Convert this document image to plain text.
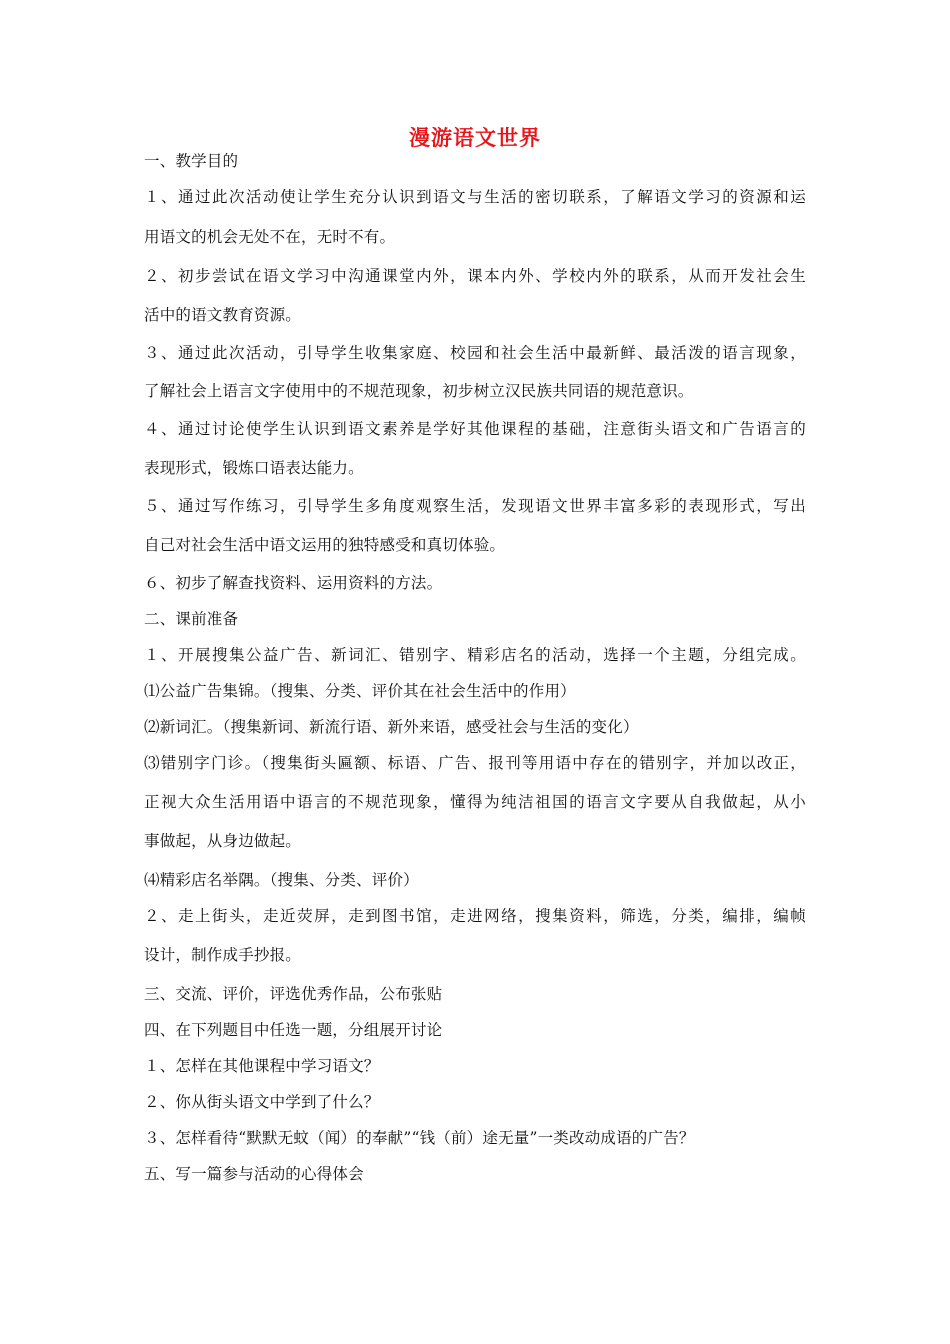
漫游语文世界
一、教学目的
１、通过此次活动使让学生充分认识到语文与生活的密切联系，了解语文学习的资源和运
用语文的机会无处不在，无时不有。
２、初步尝试在语文学习中沟通课堂内外，课本内外、学校内外的联系，从而开发社会生
活中的语文教育资源。
３、通过此次活动，引导学生收集家庭、校园和社会生活中最新鲜、最活泼的语言现象，
了解社会上语言文字使用中的不规范现象，初步树立汉民族共同语的规范意识。
４、通过讨论使学生认识到语文素养是学好其他课程的基础，注意街头语文和广告语言的
表现形式，锻炼口语表达能力。
５、通过写作练习，引导学生多角度观察生活，发现语文世界丰富多彩的表现形式，写出
自己对社会生活中语文运用的独特感受和真切体验。
６、初步了解查找资料、运用资料的方法。
二、课前准备
１、开展搜集公益广告、新词汇、错别字、精彩店名的活动，选择一个主题，分组完成。
⑴公益广告集锦。（搜集、分类、评价其在社会生活中的作用）
⑵新词汇。（搜集新词、新流行语、新外来语，感受社会与生活的变化）
⑶错别字门诊。（搜集街头匾额、标语、广告、报刊等用语中存在的错别字，并加以改正，
正视大众生活用语中语言的不规范现象，懂得为纯洁祖国的语言文字要从自我做起，从小
事做起，从身边做起。
⑷精彩店名举隅。（搜集、分类、评价）
２、走上街头，走近荧屏，走到图书馆，走进网络，搜集资料，筛选，分类，编排，编帧
设计，制作成手抄报。
三、交流、评价，评选优秀作品，公布张贴
四、在下列题目中任选一题，分组展开讨论
１、怎样在其他课程中学习语文？
２、你从街头语文中学到了什么？
３、怎样看待“默默无蚊（闻）的奉献”“钱（前）途无量”一类改动成语的广告？
五、写一篇参与活动的心得体会
